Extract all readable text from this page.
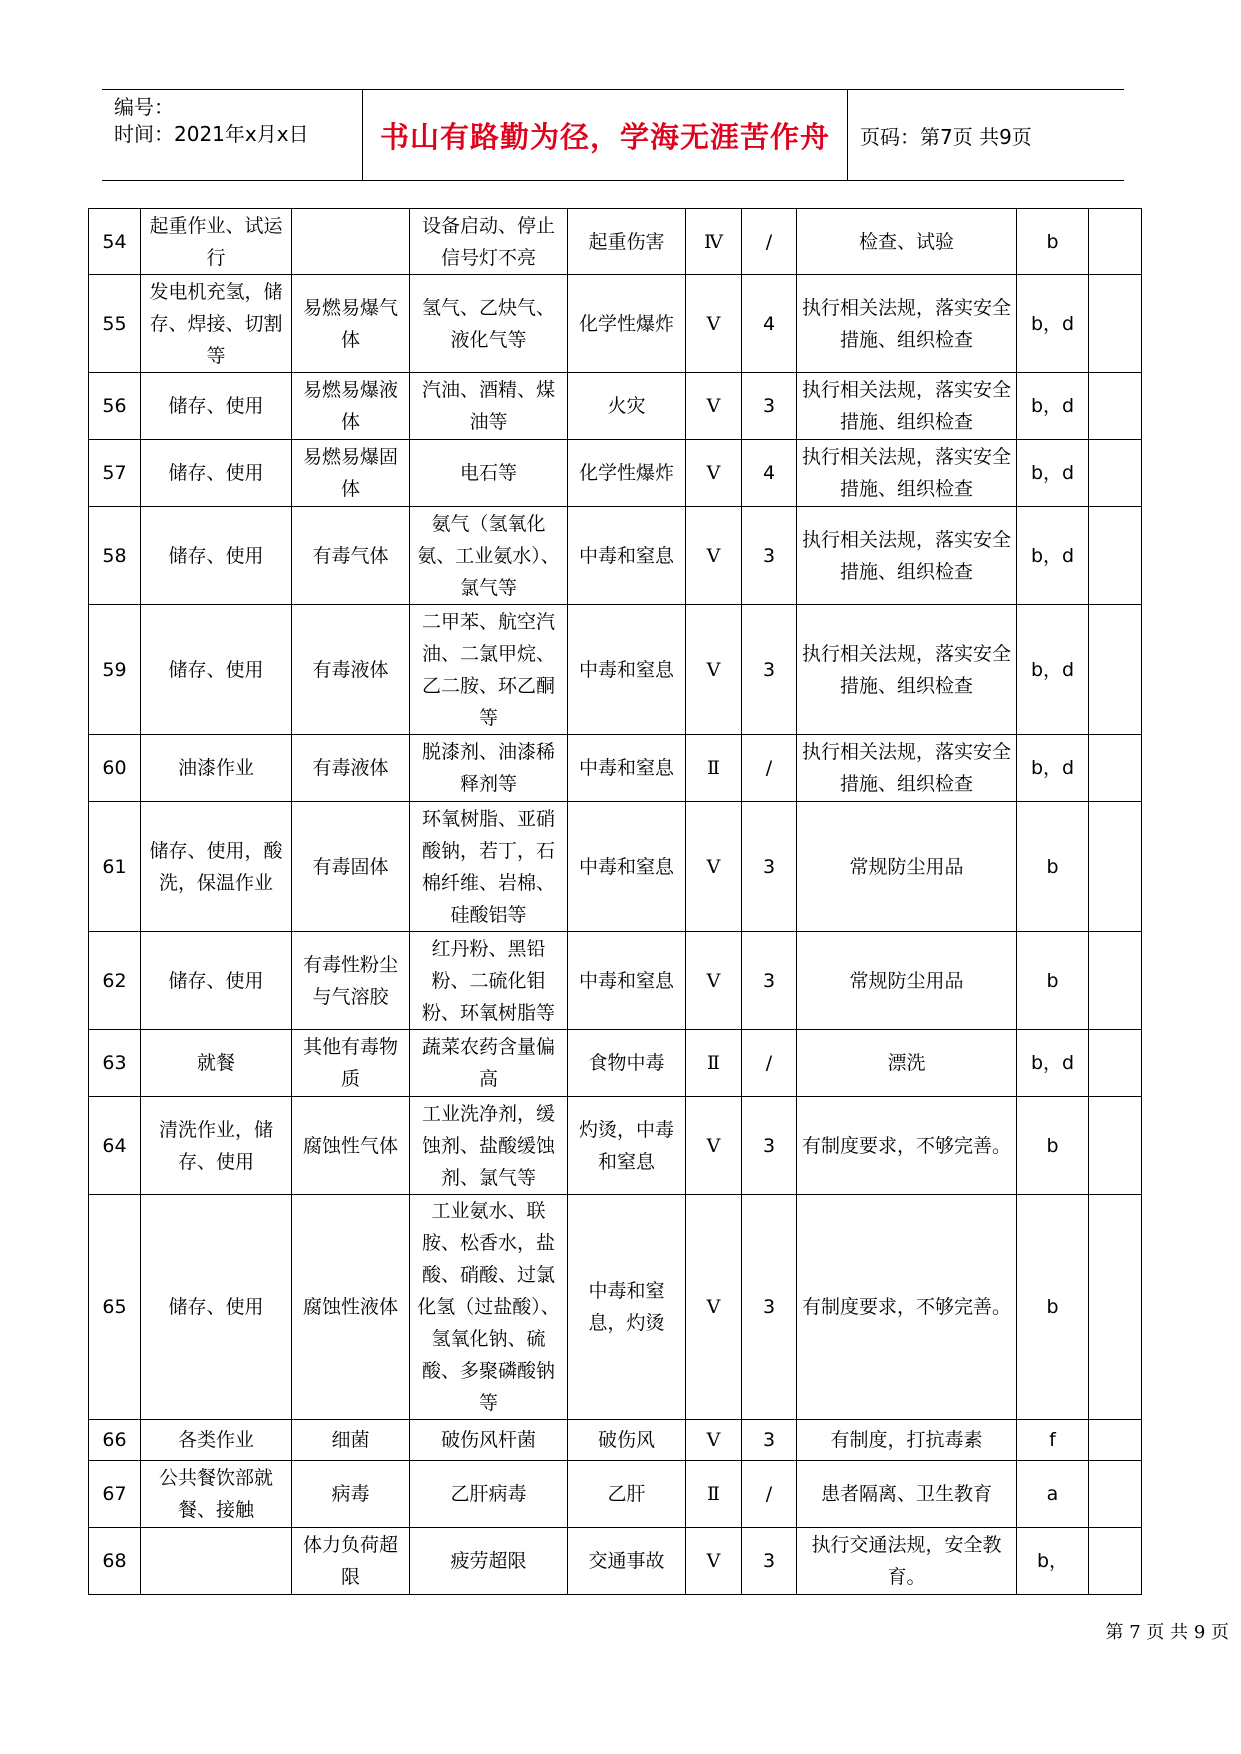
编号：
时间：2021年x月x日	书山有路勤为径，学海无涯苦作舟	页码：第7页 共9页
54	起重作业、试运行		设备启动、停止信号灯不亮	起重伤害	Ⅳ	/	检查、试验	b	
55	发电机充氢，储存、焊接、切割等	易燃易爆气体	氢气、乙炔气、液化气等	化学性爆炸	Ⅴ	4	执行相关法规，落实安全措施、组织检查	b，d	
56	储存、使用	易燃易爆液体	汽油、酒精、煤油等	火灾	Ⅴ	3	执行相关法规，落实安全措施、组织检查	b，d	
57	储存、使用	易燃易爆固体	电石等	化学性爆炸	Ⅴ	4	执行相关法规，落实安全措施、组织检查	b，d	
58	储存、使用	有毒气体	氨气（氢氧化氨、工业氨水）、氯气等	中毒和窒息	Ⅴ	3	执行相关法规，落实安全措施、组织检查	b，d	
59	储存、使用	有毒液体	二甲苯、航空汽油、二氯甲烷、乙二胺、环乙酮等	中毒和窒息	Ⅴ	3	执行相关法规，落实安全措施、组织检查	b，d	
60	油漆作业	有毒液体	脱漆剂、油漆稀释剂等	中毒和窒息	Ⅱ	/	执行相关法规，落实安全措施、组织检查	b，d	
61	储存、使用，酸洗，保温作业	有毒固体	环氧树脂、亚硝酸钠，若丁，石棉纤维、岩棉、硅酸铝等	中毒和窒息	Ⅴ	3	常规防尘用品	b	
62	储存、使用	有毒性粉尘与气溶胶	红丹粉、黑铅粉、二硫化钼粉、环氧树脂等	中毒和窒息	Ⅴ	3	常规防尘用品	b	
63	就餐	其他有毒物质	蔬菜农药含量偏高	食物中毒	Ⅱ	/	漂洗	b，d	
64	清洗作业，储存、使用	腐蚀性气体	工业洗净剂，缓蚀剂、盐酸缓蚀剂、氯气等	灼烫，中毒和窒息	Ⅴ	3	有制度要求，不够完善。	b	
65	储存、使用	腐蚀性液体	工业氨水、联胺、松香水，盐酸、硝酸、过氯化氢（过盐酸）、氢氧化钠、硫酸、多聚磷酸钠等	中毒和窒息，灼烫	Ⅴ	3	有制度要求，不够完善。	b	
66	各类作业	细菌	破伤风杆菌	破伤风	Ⅴ	3	有制度，打抗毒素	f	
67	公共餐饮部就餐、接触	病毒	乙肝病毒	乙肝	Ⅱ	/	患者隔离、卫生教育	a	
68		体力负荷超限	疲劳超限	交通事故	Ⅴ	3	执行交通法规，安全教育。	b，	
第 7 页 共 9 页
